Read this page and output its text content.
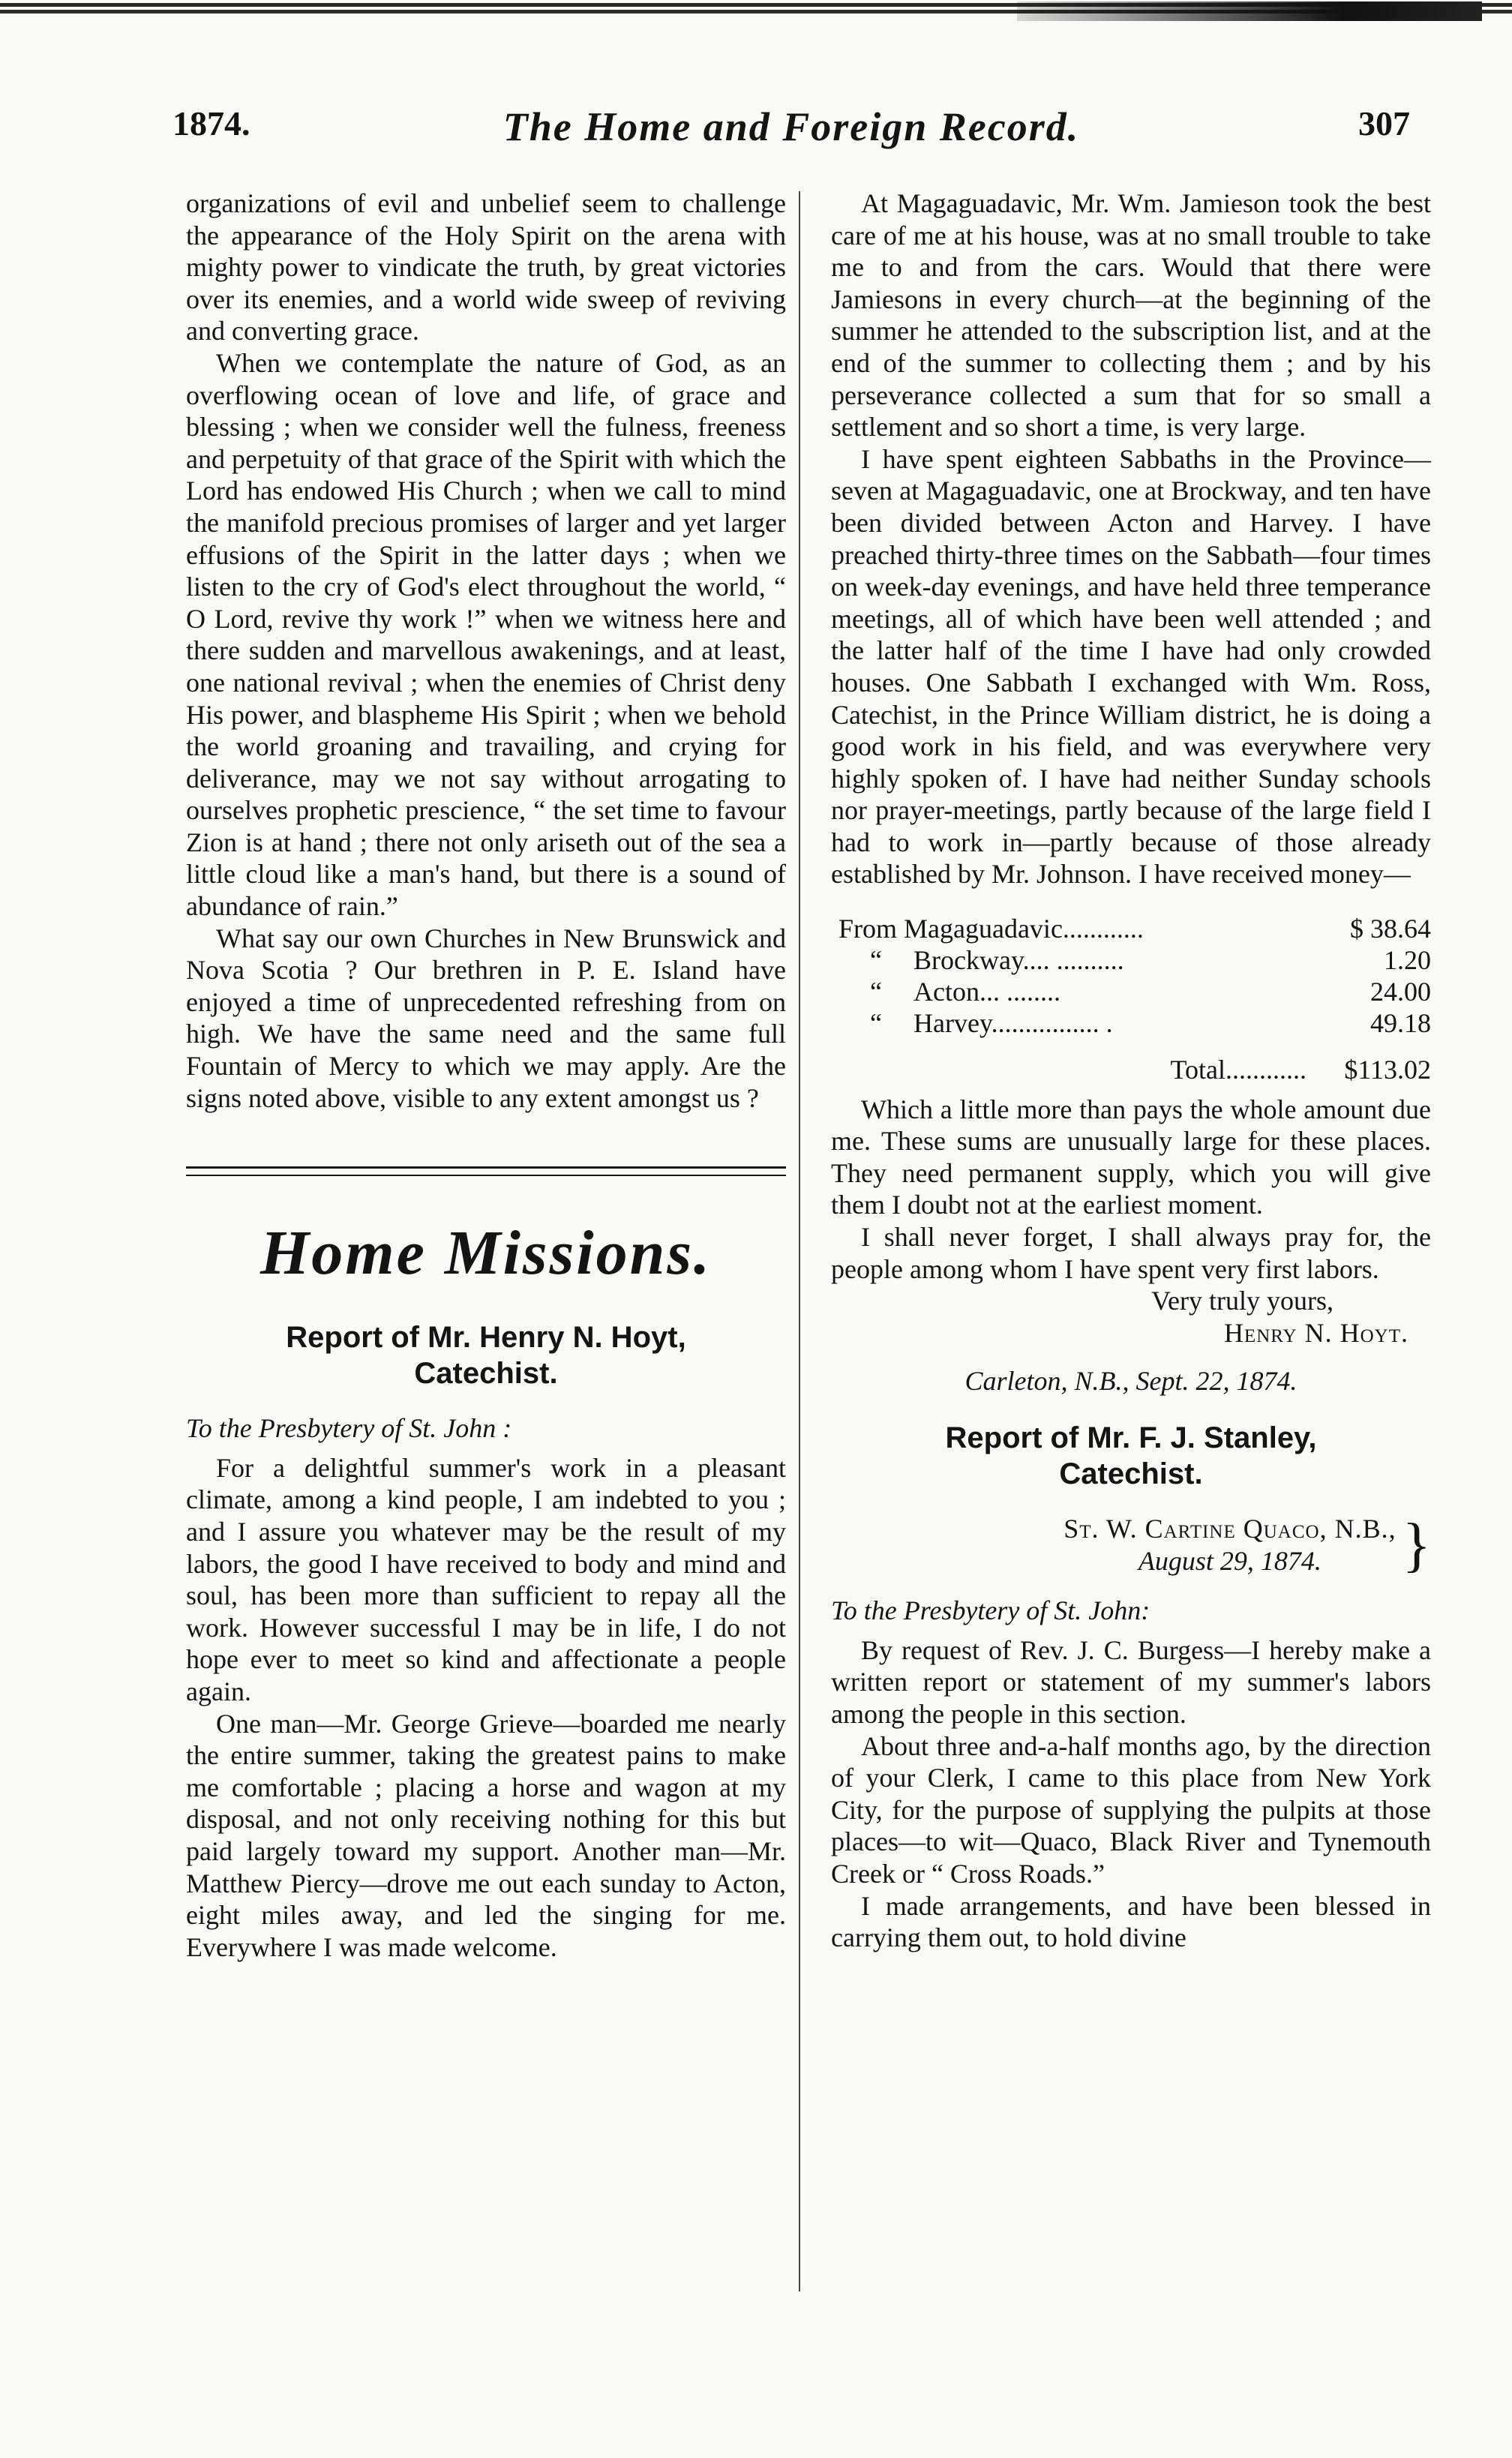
1874.	The Home and Foreign Record.	307

organizations of evil and unbelief seem to challenge the appearance of the Holy Spirit on the arena with mighty power to vindicate the truth, by great victories over its enemies, and a world wide sweep of reviving and converting grace.

When we contemplate the nature of God, as an overflowing ocean of love and life, of grace and blessing ; when we consider well the fulness, freeness and perpetuity of that grace of the Spirit with which the Lord has endowed His Church ; when we call to mind the manifold precious promises of larger and yet larger effusions of the Spirit in the latter days ; when we listen to the cry of God's elect throughout the world, “ O Lord, revive thy work !” when we witness here and there sudden and marvellous awakenings, and at least, one national revival ; when the enemies of Christ deny His power, and blaspheme His Spirit ; when we behold the world groaning and travailing, and crying for deliverance, may we not say without arrogating to ourselves prophetic prescience, “ the set time to favour Zion is at hand ; there not only ariseth out of the sea a little cloud like a man's hand, but there is a sound of abundance of rain.”

What say our own Churches in New Brunswick and Nova Scotia ? Our brethren in P. E. Island have enjoyed a time of unprecedented refreshing from on high. We have the same need and the same full Fountain of Mercy to which we may apply. Are the signs noted above, visible to any extent amongst us ?

Home Missions.
Report of Mr. Henry N. Hoyt,
Catechist.
To the Presbytery of St. John :

For a delightful summer's work in a pleasant climate, among a kind people, I am indebted to you ; and I assure you whatever may be the result of my labors, the good I have received to body and mind and soul, has been more than sufficient to repay all the work. However successful I may be in life, I do not hope ever to meet so kind and affectionate a people again.

One man—Mr. George Grieve—boarded me nearly the entire summer, taking the greatest pains to make me comfortable ; placing a horse and wagon at my disposal, and not only receiving nothing for this but paid largely toward my support. Another man—Mr. Matthew Piercy—drove me out each sunday to Acton, eight miles away, and led the singing for me. Everywhere I was made welcome.

At Magaguadavic, Mr. Wm. Jamieson took the best care of me at his house, was at no small trouble to take me to and from the cars. Would that there were Jamiesons in every church—at the beginning of the summer he attended to the subscription list, and at the end of the summer to collecting them ; and by his perseverance collected a sum that for so small a settlement and so short a time, is very large.

I have spent eighteen Sabbaths in the Province—seven at Magaguadavic, one at Brockway, and ten have been divided between Acton and Harvey. I have preached thirty-three times on the Sabbath—four times on week-day evenings, and have held three temperance meetings, all of which have been well attended ; and the latter half of the time I have had only crowded houses. One Sabbath I exchanged with Wm. Ross, Catechist, in the Prince William district, he is doing a good work in his field, and was everywhere very highly spoken of. I have had neither Sunday schools nor prayer-meetings, partly because of the large field I had to work in—partly because of those already established by Mr. Johnson. I have received money—

From Magaguadavic............	$ 38.64
“ Brockway.... ..........	1.20
“ Acton... ........	24.00
“ Harvey................ .	49.18
Total............	$113.02

Which a little more than pays the whole amount due me. These sums are unusually large for these places. They need permanent supply, which you will give them I doubt not at the earliest moment.

I shall never forget, I shall always pray for, the people among whom I have spent very first labors.

Very truly yours,
Henry N. Hoyt.
Carleton, N.B., Sept. 22, 1874.
Report of Mr. F. J. Stanley,
Catechist.
St. W. Cartine Quaco, N.B.,
August 29, 1874.	}
To the Presbytery of St. John:

By request of Rev. J. C. Burgess—I hereby make a written report or statement of my summer's labors among the people in this section.

About three and-a-half months ago, by the direction of your Clerk, I came to this place from New York City, for the purpose of supplying the pulpits at those places—to wit—Quaco, Black River and Tynemouth Creek or “ Cross Roads.”

I made arrangements, and have been blessed in carrying them out, to hold divine
